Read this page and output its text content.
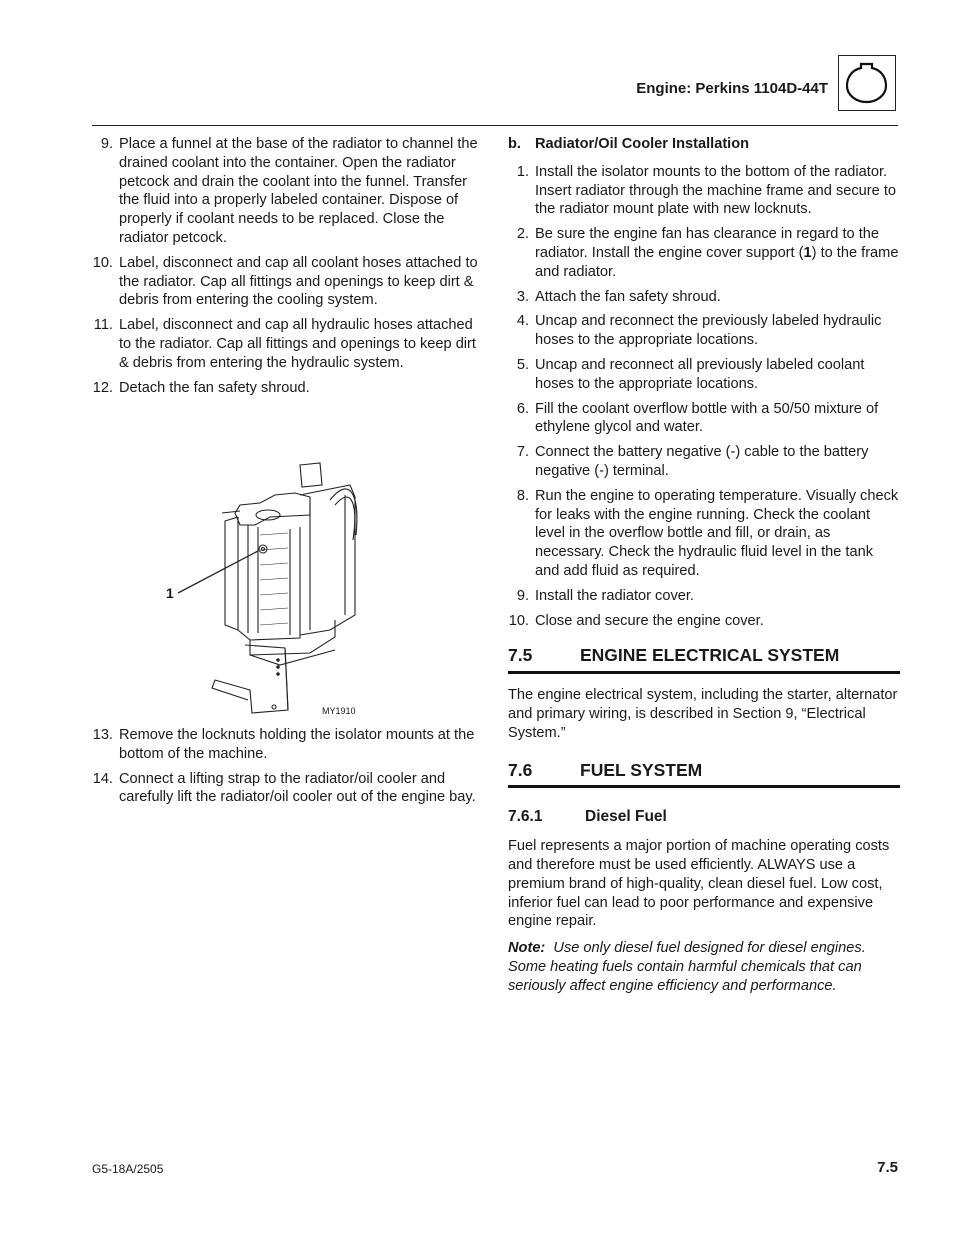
Engine: Perkins 1104D-44T
9. Place a funnel at the base of the radiator to channel the drained coolant into the container. Open the radiator petcock and drain the coolant into the funnel. Transfer the fluid into a properly labeled container. Dispose of properly if coolant needs to be replaced. Close the radiator petcock.
10. Label, disconnect and cap all coolant hoses attached to the radiator. Cap all fittings and openings to keep dirt & debris from entering the cooling system.
11. Label, disconnect and cap all hydraulic hoses attached to the radiator. Cap all fittings and openings to keep dirt & debris from entering the hydraulic system.
12. Detach the fan safety shroud.
1
MY1910
13. Remove the locknuts holding the isolator mounts at the bottom of the machine.
14. Connect a lifting strap to the radiator/oil cooler and carefully lift the radiator/oil cooler out of the engine bay.
b. Radiator/Oil Cooler Installation
1. Install the isolator mounts to the bottom of the radiator. Insert radiator through the machine frame and secure to the radiator mount plate with new locknuts.
2. Be sure the engine fan has clearance in regard to the radiator. Install the engine cover support (1) to the frame and radiator.
3. Attach the fan safety shroud.
4. Uncap and reconnect the previously labeled hydraulic hoses to the appropriate locations.
5. Uncap and reconnect all previously labeled coolant hoses to the appropriate locations.
6. Fill the coolant overflow bottle with a 50/50 mixture of ethylene glycol and water.
7. Connect the battery negative (-) cable to the battery negative (-) terminal.
8. Run the engine to operating temperature. Visually check for leaks with the engine running. Check the coolant level in the overflow bottle and fill, or drain, as necessary. Check the hydraulic fluid level in the tank and add fluid as required.
9. Install the radiator cover.
10. Close and secure the engine cover.
7.5	ENGINE ELECTRICAL SYSTEM

The engine electrical system, including the starter, alternator and primary wiring, is described in Section 9, “Electrical System.”

7.6	FUEL SYSTEM
7.6.1	Diesel Fuel

Fuel represents a major portion of machine operating costs and therefore must be used efficiently. ALWAYS use a premium brand of high-quality, clean diesel fuel. Low cost, inferior fuel can lead to poor performance and expensive engine repair.

Note: Use only diesel fuel designed for diesel engines. Some heating fuels contain harmful chemicals that can seriously affect engine efficiency and performance.

G5-18A/2505	7.5
